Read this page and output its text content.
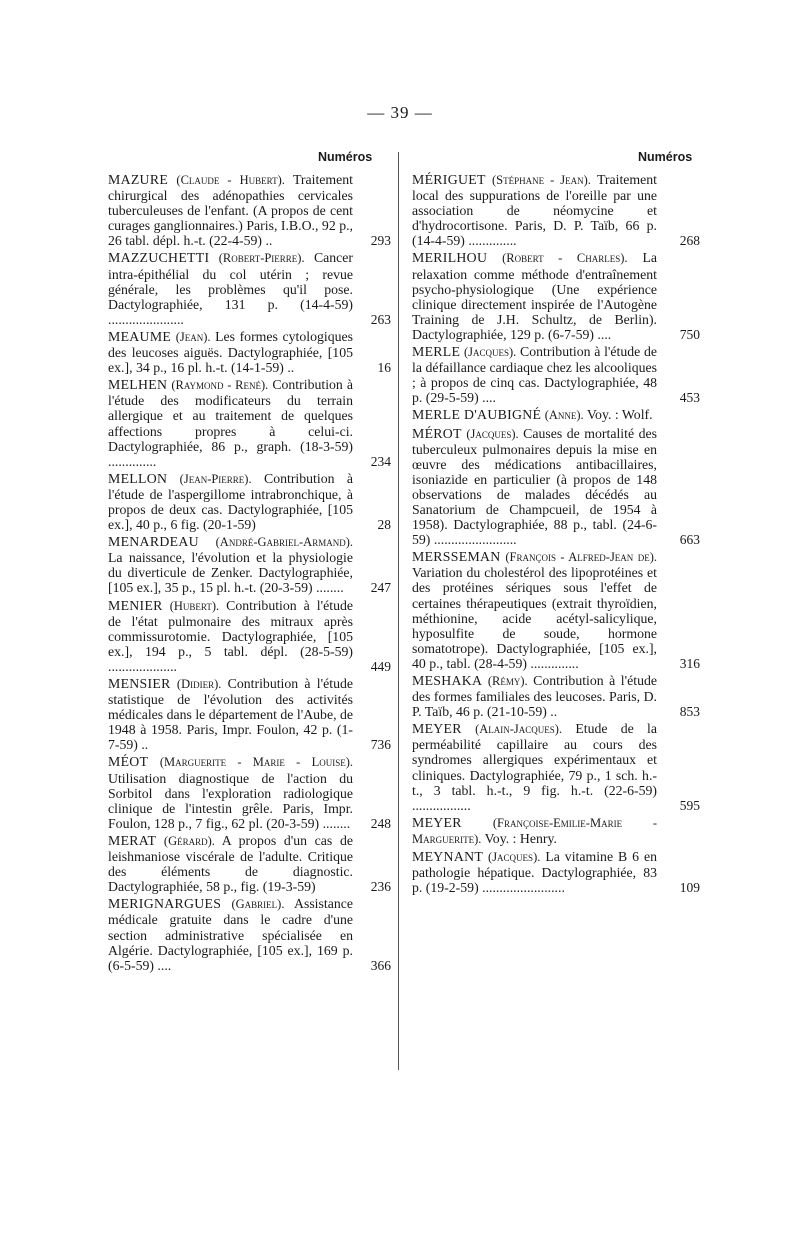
— 39 —
Numéros	Numéros
MAZURE (Claude - Hubert). Traitement chirurgical des adénopathies cervicales tuberculeuses de l'enfant. (A propos de cent curages ganglionnaires.) Paris, I.B.O., 92 p., 26 tabl. dépl. h.-t. (22-4-59) ..	293
MAZZUCHETTI (Robert-Pierre). Cancer intra-épithélial du col utérin ; revue générale, les problèmes qu'il pose. Dactylographiée, 131 p. (14-4-59) ......................	263
MEAUME (Jean). Les formes cytologiques des leucoses aiguës. Dactylographiée, [105 ex.], 34 p., 16 pl. h.-t. (14-1-59) ..	16
MELHEN (Raymond - René). Contribution à l'étude des modificateurs du terrain allergique et au traitement de quelques affections propres à celui-ci. Dactylographiée, 86 p., graph. (18-3-59) ..............	234
MELLON (Jean-Pierre). Contribution à l'étude de l'aspergillome intrabronchique, à propos de deux cas. Dactylographiée, [105 ex.], 40 p., 6 fig. (20-1-59)	28
MENARDEAU (André-Gabriel-Armand). La naissance, l'évolution et la physiologie du diverticule de Zenker. Dactylographiée, [105 ex.], 35 p., 15 pl. h.-t. (20-3-59) ........ 247
MENIER (Hubert). Contribution à l'étude de l'état pulmonaire des mitraux après commissurotomie. Dactylographiée, [105 ex.], 194 p., 5 tabl. dépl. (28-5-59) ....................	449
MENSIER (Didier). Contribution à l'étude statistique de l'évolution des activités médicales dans le département de l'Aube, de 1948 à 1958. Paris, Impr. Foulon, 42 p. (1-7-59) ..	736
MÉOT (Marguerite - Marie - Louise). Utilisation diagnostique de l'action du Sorbitol dans l'exploration radiologique clinique de l'intestin grêle. Paris, Impr. Foulon, 128 p., 7 fig., 62 pl. (20-3-59) ........ 248
MERAT (Gérard). A propos d'un cas de leishmaniose viscérale de l'adulte. Critique des éléments de diagnostic. Dactylographiée, 58 p., fig. (19-3-59)	236
MERIGNARGUES (Gabriel). Assistance médicale gratuite dans le cadre d'une section administrative spécialisée en Algérie. Dactylographiée, [105 ex.], 169 p. (6-5-59) ....	366
MÉRIGUET (Stéphane - Jean). Traitement local des suppurations de l'oreille par une association de néomycine et d'hydrocortisone. Paris, D. P. Taïb, 66 p. (14-4-59) ..............	268
MERILHOU (Robert - Charles). La relaxation comme méthode d'entraînement psycho-physiologique (Une expérience clinique directement inspirée de l'Autogène Training de J.H. Schultz, de Berlin). Dactylographiée, 129 p. (6-7-59) ....	750
MERLE (Jacques). Contribution à l'étude de la défaillance cardiaque chez les alcooliques ; à propos de cinq cas. Dactylographiée, 48 p. (29-5-59) ....	453
MERLE D'AUBIGNÉ (Anne). Voy. : Wolf.
MÉROT (Jacques). Causes de mortalité des tuberculeux pulmonaires depuis la mise en œuvre des médications antibacillaires, isoniazide en particulier (à propos de 148 observations de malades décédés au Sanatorium de Champcueil, de 1954 à 1958). Dactylographiée, 88 p., tabl. (24-6-59) ........................	663
MERSSEMAN (François - Alfred-Jean de). Variation du cholestérol des lipoprotéines et des protéines sériques sous l'effet de certaines thérapeutiques (extrait thyroïdien, méthionine, acide acétyl-salicylique, hyposulfite de soude, hormone somatotrope). Dactylographiée, [105 ex.], 40 p., tabl. (28-4-59) ..............	316
MESHAKA (Rémy). Contribution à l'étude des formes familiales des leucoses. Paris, D. P. Taïb, 46 p. (21-10-59) ..	853
MEYER (Alain-Jacques). Etude de la perméabilité capillaire au cours des syndromes allergiques expérimentaux et cliniques. Dactylographiée, 79 p., 1 sch. h.-t., 3 tabl. h.-t., 9 fig. h.-t. (22-6-59) .................	595
MEYER (Françoise-Emilie-Marie - Marguerite). Voy. : Henry.
MEYNANT (Jacques). La vitamine B 6 en pathologie hépatique. Dactylographiée, 83 p. (19-2-59) ........................	109
